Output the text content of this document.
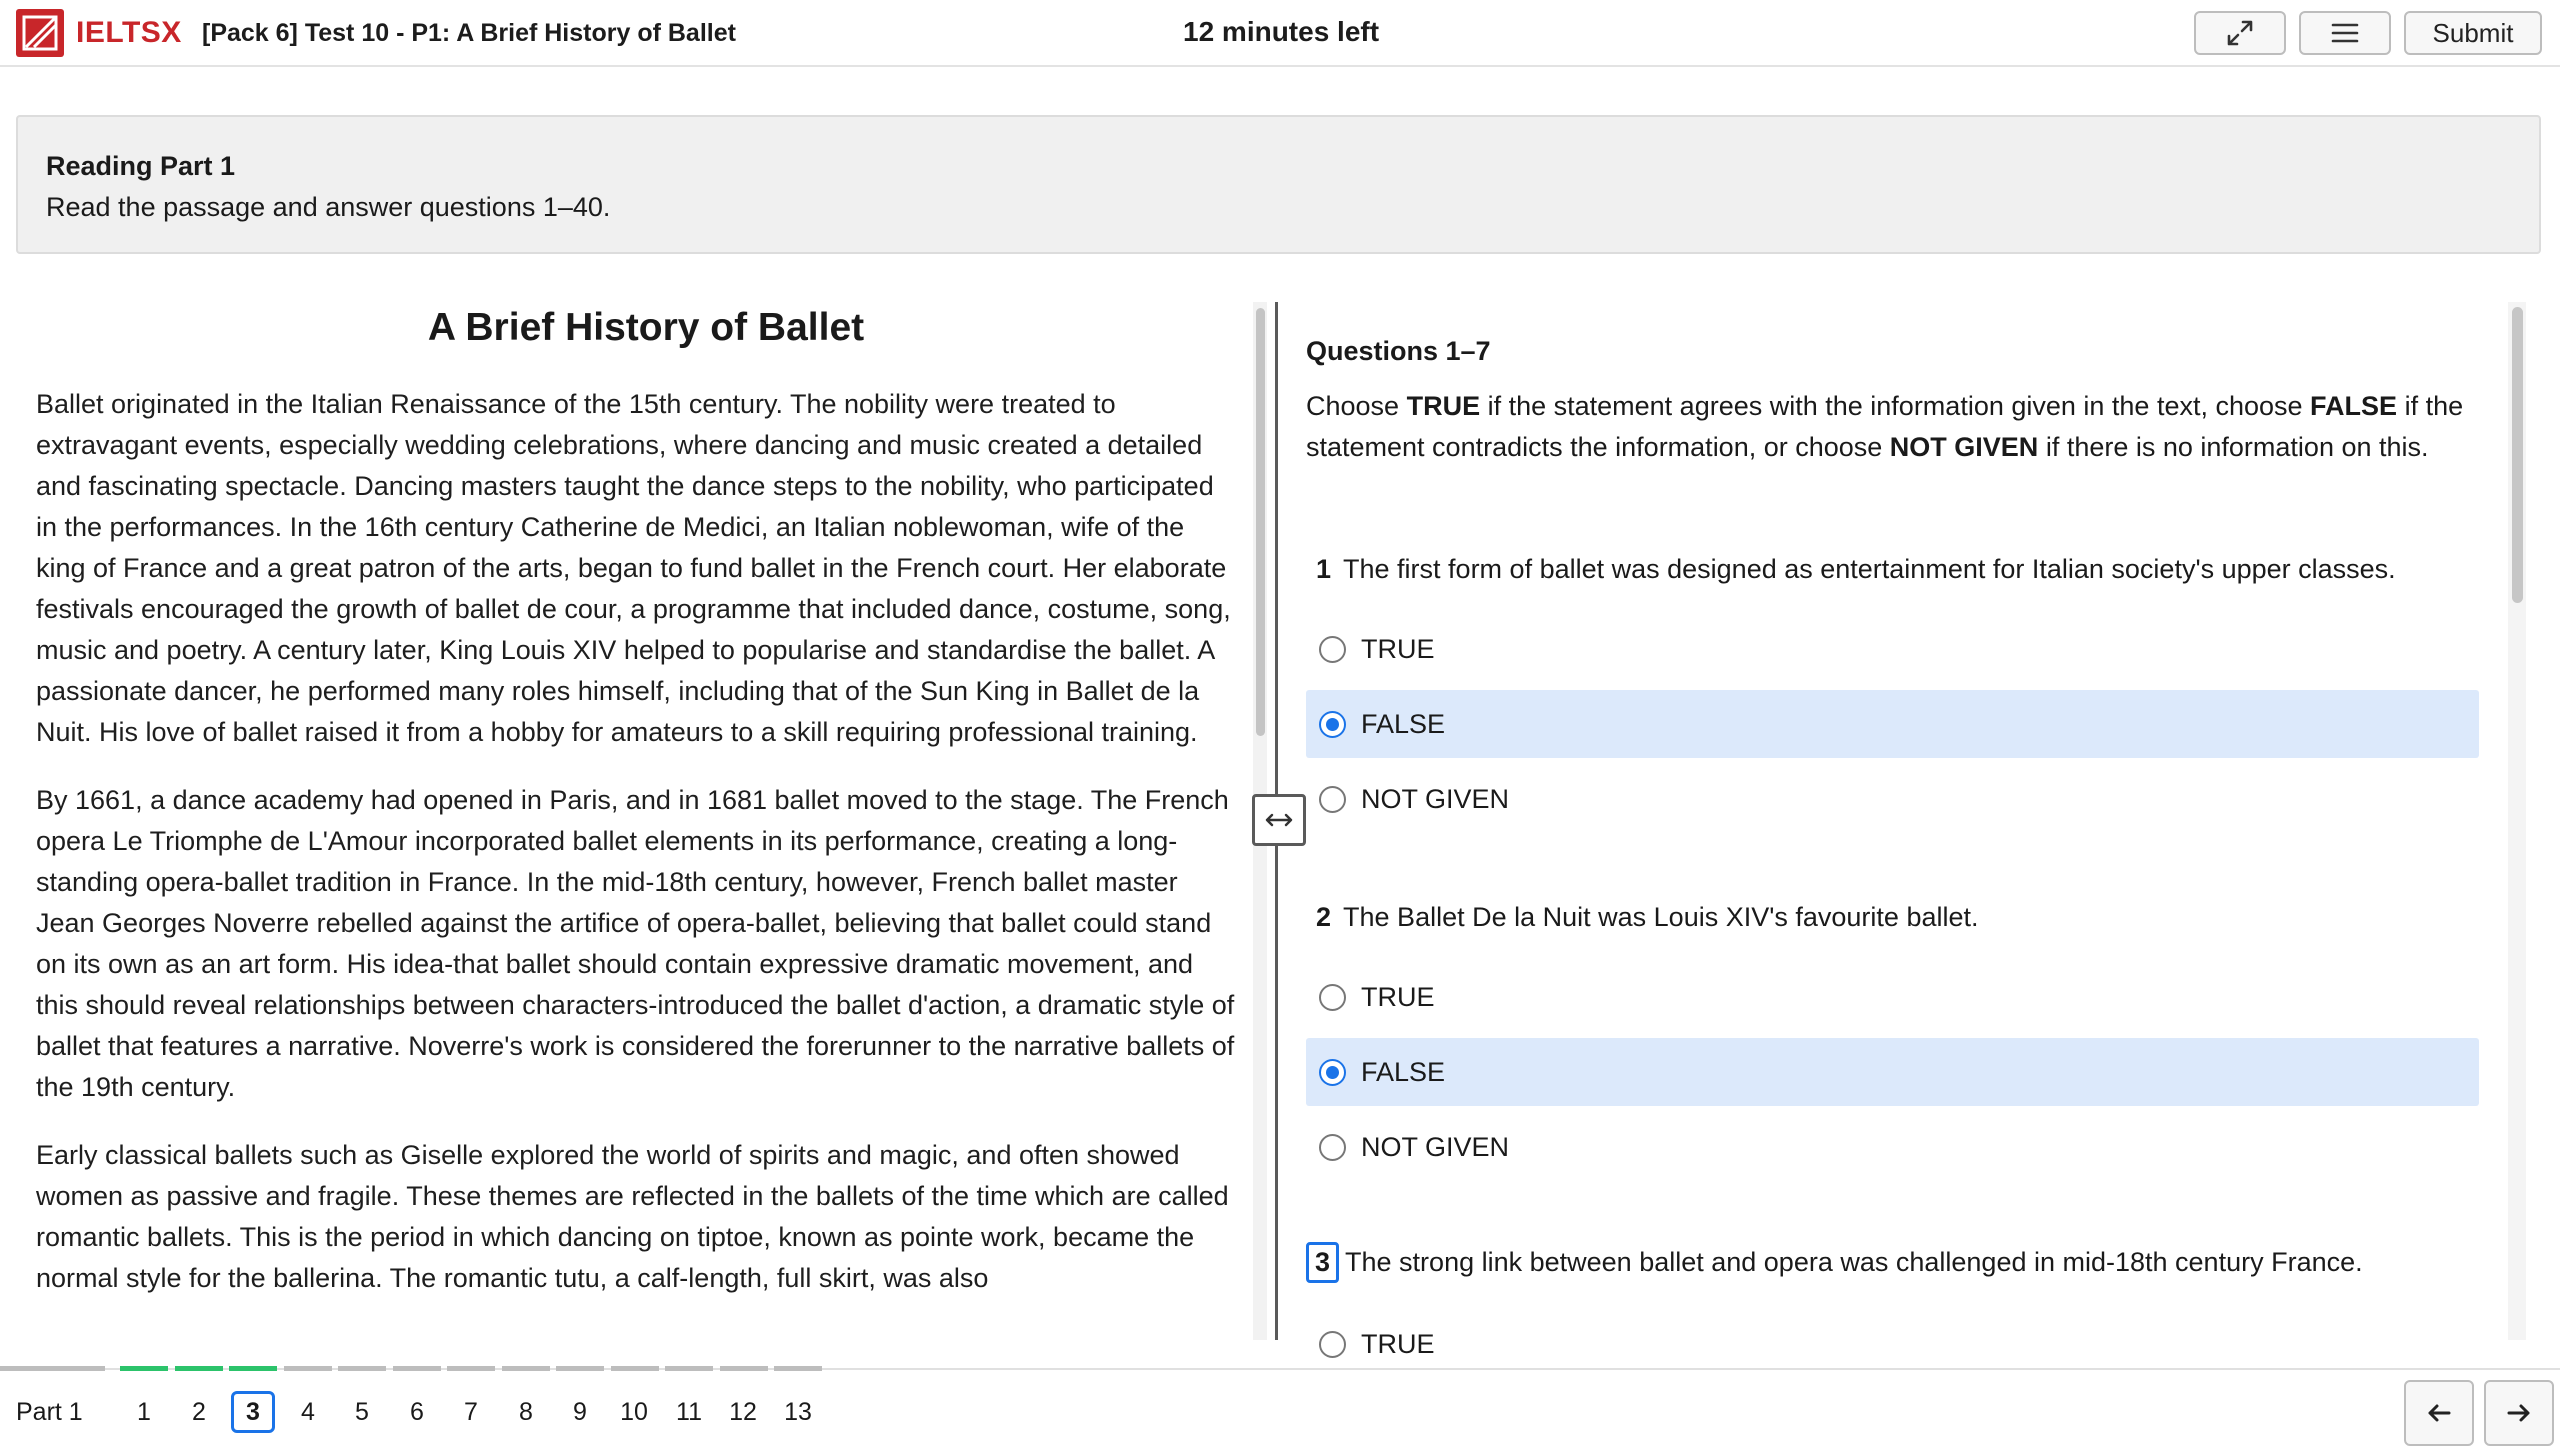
IELTSX [Pack 6] Test 10 - P1: A Brief History of Ballet	12 minutes left	Submit
Reading Part 1
Read the passage and answer questions 1–40.
A Brief History of Ballet

Ballet originated in the Italian Renaissance of the 15th century. The nobility were treated to extravagant events, especially wedding celebrations, where dancing and music created a detailed and fascinating spectacle. Dancing masters taught the dance steps to the nobility, who participated in the performances. In the 16th century Catherine de Medici, an Italian noblewoman, wife of the king of France and a great patron of the arts, began to fund ballet in the French court. Her elaborate festivals encouraged the growth of ballet de cour, a programme that included dance, costume, song, music and poetry. A century later, King Louis XIV helped to popularise and standardise the ballet. A passionate dancer, he performed many roles himself, including that of the Sun King in Ballet de la Nuit. His love of ballet raised it from a hobby for amateurs to a skill requiring professional training.

By 1661, a dance academy had opened in Paris, and in 1681 ballet moved to the stage. The French opera Le Triomphe de L'Amour incorporated ballet elements in its performance, creating a long-standing opera-ballet tradition in France. In the mid-18th century, however, French ballet master Jean Georges Noverre rebelled against the artifice of opera-ballet, believing that ballet could stand on its own as an art form. His idea-that ballet should contain expressive dramatic movement, and this should reveal relationships between characters-introduced the ballet d'action, a dramatic style of ballet that features a narrative. Noverre's work is considered the forerunner to the narrative ballets of the 19th century.

Early classical ballets such as Giselle explored the world of spirits and magic, and often showed women as passive and fragile. These themes are reflected in the ballets of the time which are called romantic ballets. This is the period in which dancing on tiptoe, known as pointe work, became the normal style for the ballerina. The romantic tutu, a calf-length, full skirt, was also

Questions 1–7
Choose TRUE if the statement agrees with the information given in the text, choose FALSE if the statement contradicts the information, or choose NOT GIVEN if there is no information on this.
1 The first form of ballet was designed as entertainment for Italian society's upper classes.
TRUE
FALSE
NOT GIVEN
2 The Ballet De la Nuit was Louis XIV's favourite ballet.
TRUE
FALSE
NOT GIVEN
3 The strong link between ballet and opera was challenged in mid-18th century France.
TRUE
Part 1	1	2	3	4	5	6	7	8	9	10	11	12	13
